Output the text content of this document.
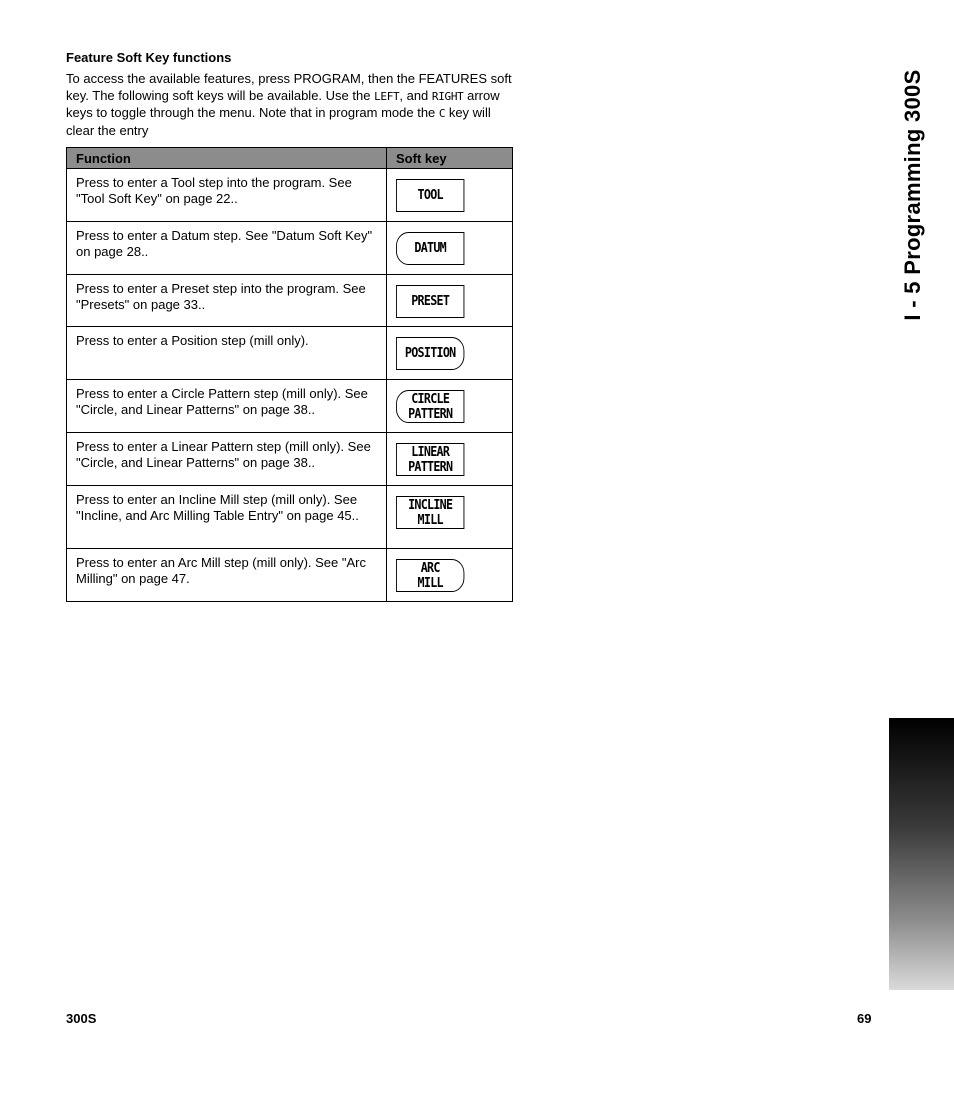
Feature Soft Key functions
To access the available features, press PROGRAM, then the FEATURES soft key. The following soft keys will be available. Use the LEFT, and RIGHT arrow keys to toggle through the menu. Note that in program mode the C key will clear the entry
Function	Soft key
Press to enter a Tool step into the program. See "Tool Soft Key" on page 22..	TOOL

Press to enter a Datum step. See "Datum Soft Key" on page 28..	DATUM

Press to enter a Preset step into the program. See "Presets" on page 33..	PRESET

Press to enter a Position step (mill only).	POSITION

Press to enter a Circle Pattern step (mill only). See "Circle, and Linear Patterns" on page 38..	CIRCLE
PATTERN

Press to enter a Linear Pattern step (mill only). See "Circle, and Linear Patterns" on page 38..	LINEAR
PATTERN

Press to enter an Incline Mill step (mill only). See "Incline, and Arc Milling Table Entry" on page 45..	INCLINE
MILL

Press to enter an Arc Mill step (mill only). See "Arc Milling" on page 47.	ARC
MILL
I - 5 Programming 300S
300S	69
